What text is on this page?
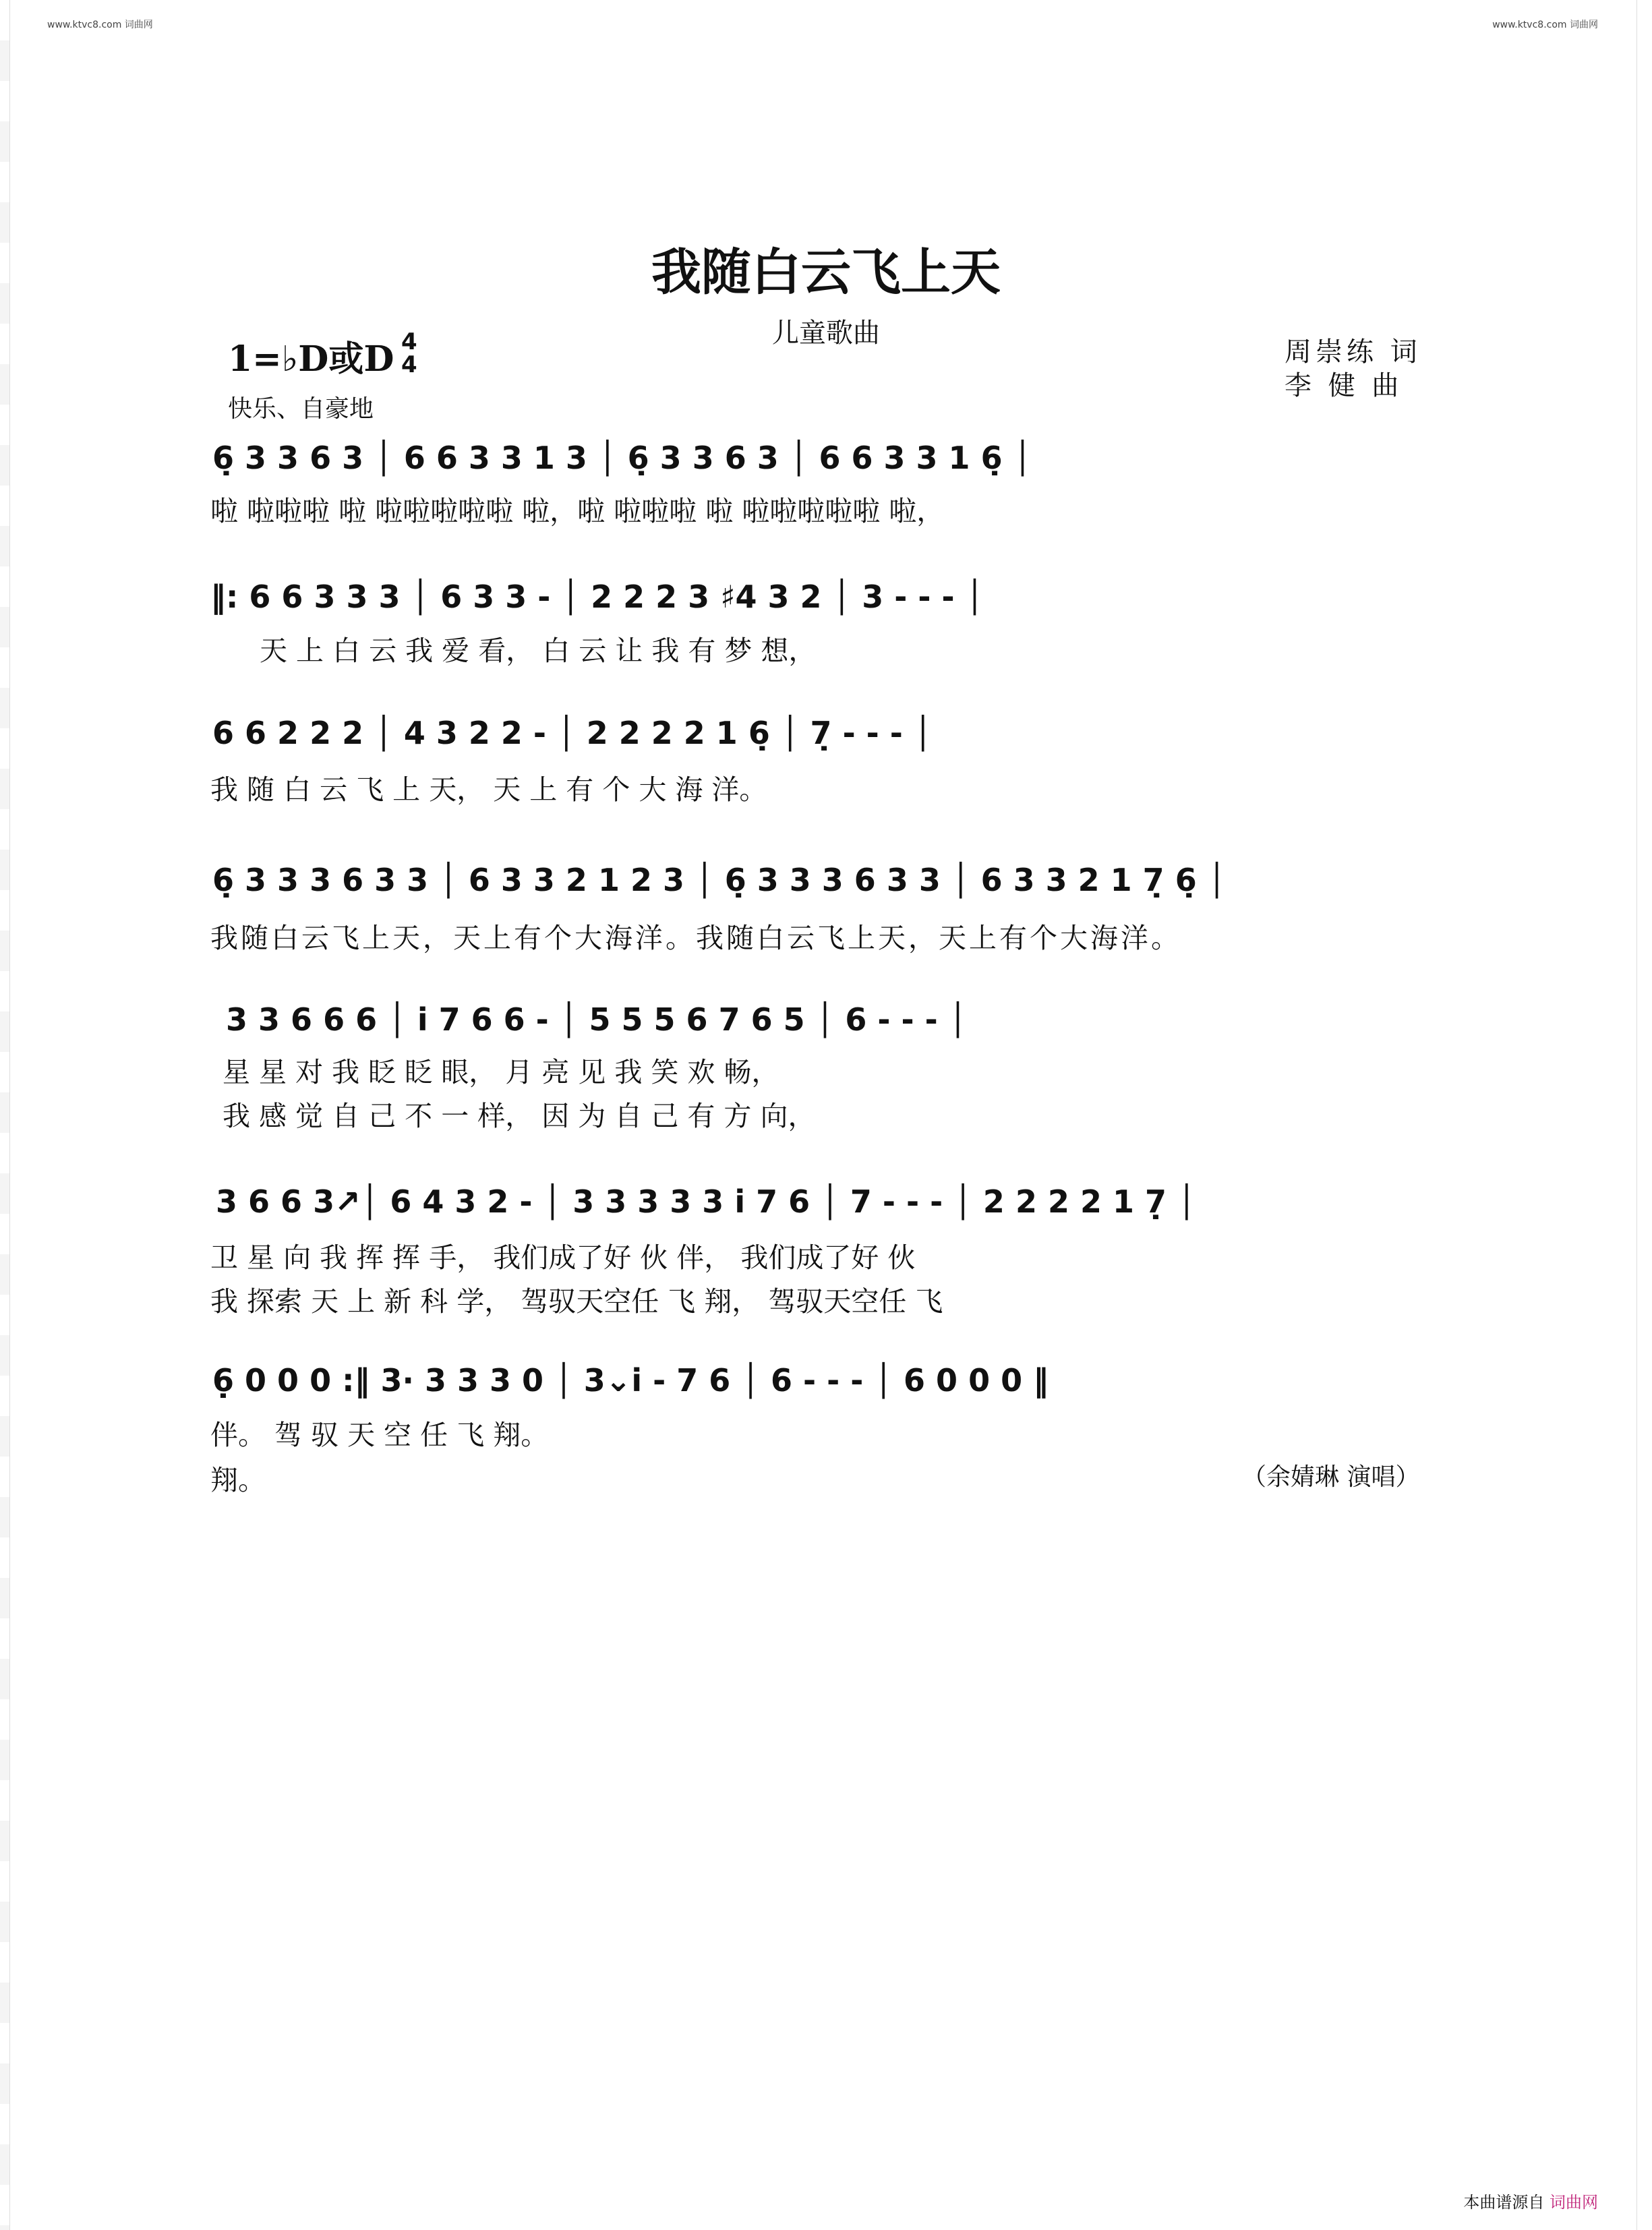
www.ktvc8.com 词曲网	www.ktvc8.com 词曲网
我随白云飞上天
儿童歌曲
1=♭D或D 4
4
快乐、自豪地
周崇练 词
李 健 曲
6̣ 3 3 6 3 │ 6 6 3 3 1 3 │ 6̣ 3 3 6 3 │ 6 6 3 3 1 6̣ │
啦 啦啦啦 啦 啦啦啦啦啦 啦，啦 啦啦啦 啦 啦啦啦啦啦 啦，
‖: 6 6 3 3 3 │ 6 3 3 - │ 2 2 2 3 ♯4 3 2 │ 3 - - - │
天 上 白 云 我 爱 看， 白 云 让 我 有 梦 想，
6 6 2 2 2 │ 4 3 2 2 - │ 2 2 2 2 1 6̣ │ 7̣ - - - │
我 随 白 云 飞 上 天， 天 上 有 个 大 海 洋。
6̣ 3 3 3 6 3 3 │ 6 3 3 2 1 2 3 │ 6̣ 3 3 3 6 3 3 │ 6 3 3 2 1 7̣ 6̣ │
我随白云飞上天，天上有个大海洋。我随白云飞上天，天上有个大海洋。
3 3 6 6 6 │ i 7 6 6 - │ 5 5 5 6 7 6 5 │ 6 - - - │
星 星 对 我 眨 眨 眼， 月 亮 见 我 笑 欢 畅，
我 感 觉 自 己 不 一 样， 因 为 自 己 有 方 向，
3 6 6 3↗│ 6 4 3 2 - │ 3 3 3 3 3 i 7 6 │ 7 - - - │ 2 2 2 2 1 7̣ │
卫 星 向 我 挥 挥 手， 我们成了好 伙 伴， 我们成了好 伙
我 探索 天 上 新 科 学， 驾驭天空任 飞 翔， 驾驭天空任 飞
6̣ 0 0 0 :‖ 3· 3 3 3 0 │ 3⌄i - 7 6 │ 6 - - - │ 6 0 0 0 ‖
伴。 驾 驭 天 空 任 飞 翔。
翔。	（余婧琳 演唱）
本曲谱源自 词曲网
